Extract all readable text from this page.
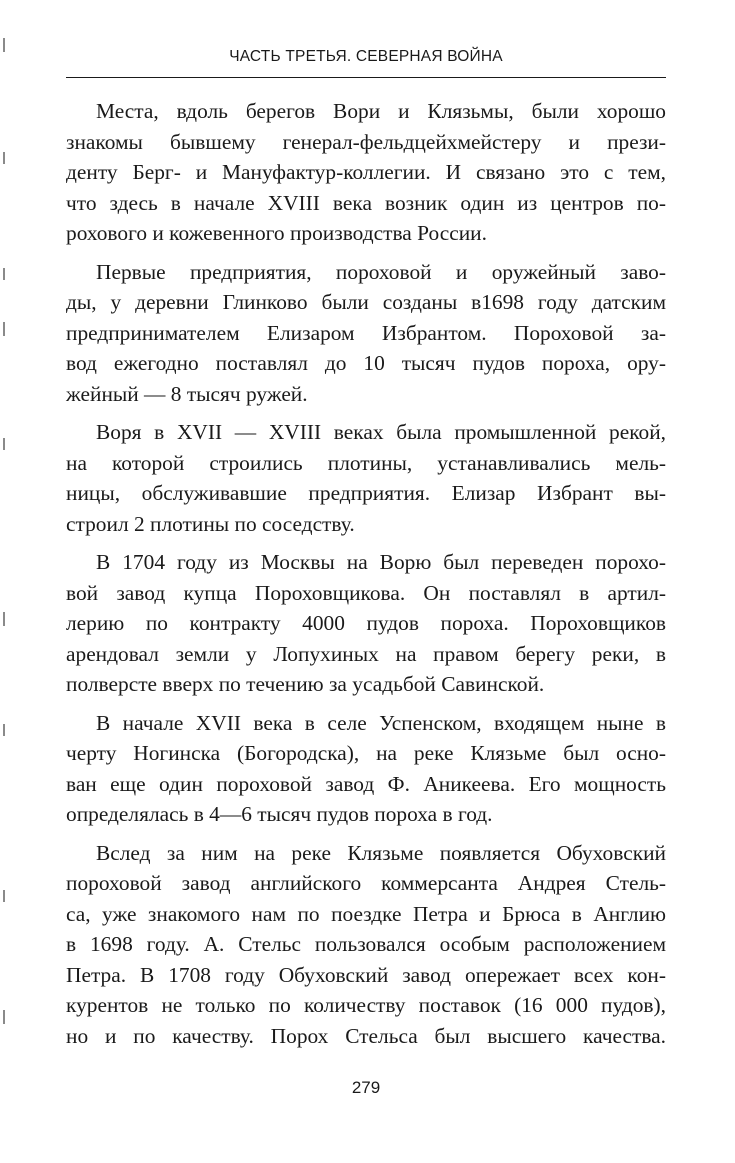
ЧАСТЬ ТРЕТЬЯ. СЕВЕРНАЯ ВОЙНА
Места, вдоль берегов Вори и Клязьмы, были хорошо
знакомы бывшему генерал-фельдцейхмейстеру и прези-
денту Берг- и Мануфактур-коллегии. И связано это с тем,
что здесь в начале XVIII века возник один из центров по-
рохового и кожевенного производства России.
Первые предприятия, пороховой и оружейный заво-
ды, у деревни Глинково были созданы в1698 году датским
предпринимателем Елизаром Избрантом. Пороховой за-
вод ежегодно поставлял до 10 тысяч пудов пороха, ору-
жейный — 8 тысяч ружей.
Воря в XVII — XVIII веках была промышленной рекой,
на которой строились плотины, устанавливались мель-
ницы, обслуживавшие предприятия. Елизар Избрант вы-
строил 2 плотины по соседству.
В 1704 году из Москвы на Ворю был переведен порохо-
вой завод купца Пороховщикова. Он поставлял в артил-
лерию по контракту 4000 пудов пороха. Пороховщиков
арендовал земли у Лопухиных на правом берегу реки, в
полверсте вверх по течению за усадьбой Савинской.
В начале XVII века в селе Успенском, входящем ныне в
черту Ногинска (Богородска), на реке Клязьме был осно-
ван еще один пороховой завод Ф. Аникеева. Его мощность
определялась в 4—6 тысяч пудов пороха в год.
Вслед за ним на реке Клязьме появляется Обуховский
пороховой завод английского коммерсанта Андрея Стель-
са, уже знакомого нам по поездке Петра и Брюса в Англию
в 1698 году. А. Стельс пользовался особым расположением
Петра. В 1708 году Обуховский завод опережает всех кон-
курентов не только по количеству поставок (16 000 пудов),
но и по качеству. Порох Стельса был высшего качества.
279
